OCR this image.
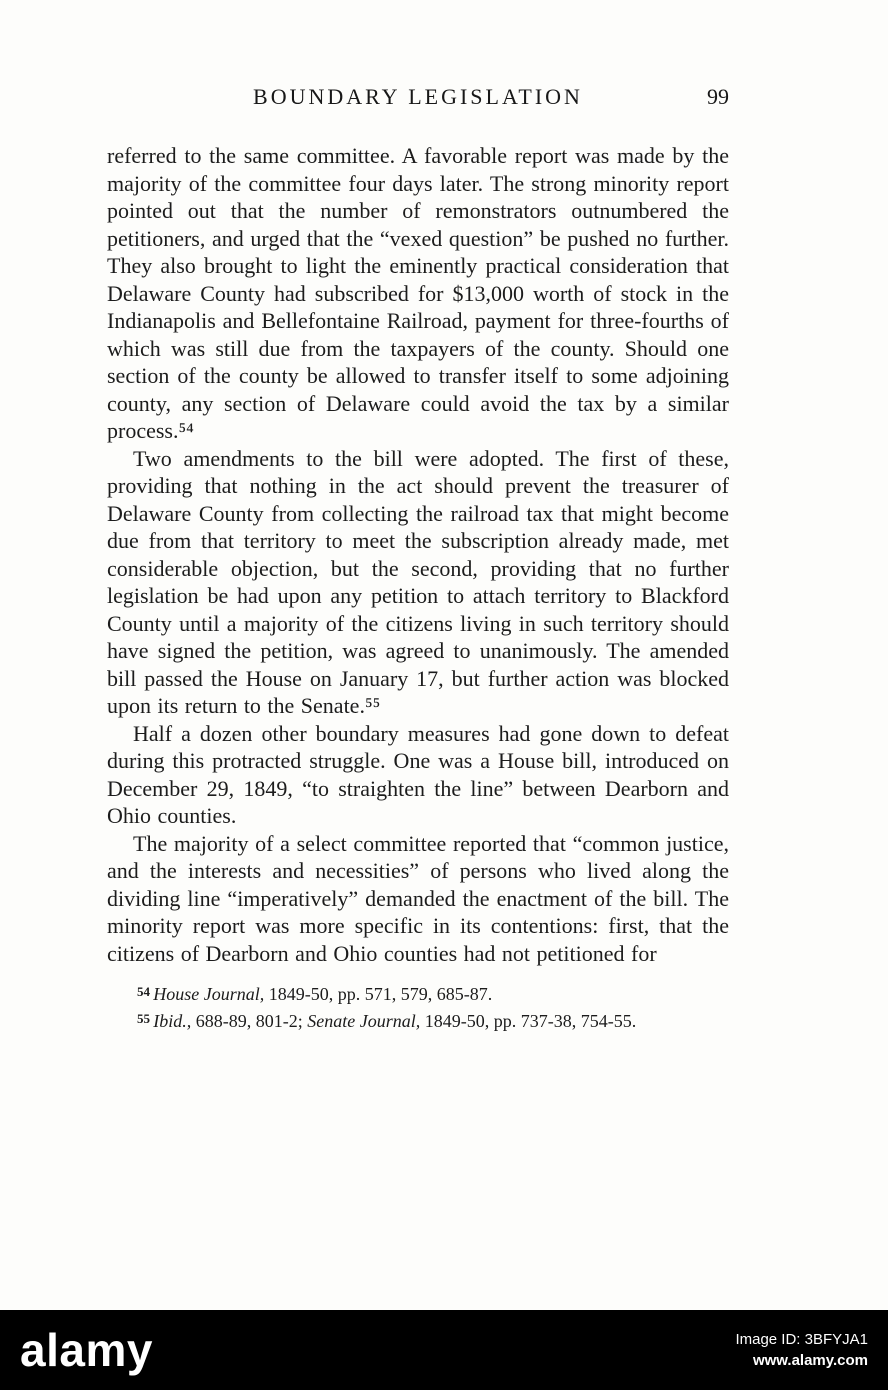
BOUNDARY LEGISLATION	99

referred to the same committee. A favorable report was made by the majority of the committee four days later. The strong minority report pointed out that the number of remonstrators outnumbered the petitioners, and urged that the “vexed question” be pushed no further. They also brought to light the eminently practical consideration that Delaware County had subscribed for $13,000 worth of stock in the Indianapolis and Bellefontaine Railroad, payment for three-fourths of which was still due from the taxpayers of the county. Should one section of the county be allowed to transfer itself to some adjoining county, any section of Delaware could avoid the tax by a similar process.⁵⁴

Two amendments to the bill were adopted. The first of these, providing that nothing in the act should prevent the treasurer of Delaware County from collecting the railroad tax that might become due from that territory to meet the subscription already made, met considerable objection, but the second, providing that no further legislation be had upon any petition to attach territory to Blackford County until a majority of the citizens living in such territory should have signed the petition, was agreed to unanimously. The amended bill passed the House on January 17, but further action was blocked upon its return to the Senate.⁵⁵

Half a dozen other boundary measures had gone down to defeat during this protracted struggle. One was a House bill, introduced on December 29, 1849, “to straighten the line” between Dearborn and Ohio counties.

The majority of a select committee reported that “common justice, and the interests and necessities” of persons who lived along the dividing line “imperatively” demanded the enactment of the bill. The minority report was more specific in its contentions: first, that the citizens of Dearborn and Ohio counties had not petitioned for

$^{54}$ House Journal, 1849-50, pp. 571, 579, 685-87.

$^{55}$ Ibid., 688-89, 801-2; Senate Journal, 1849-50, pp. 737-38, 754-55.

alamy	Image ID: 3BFYJA1
www.alamy.com
